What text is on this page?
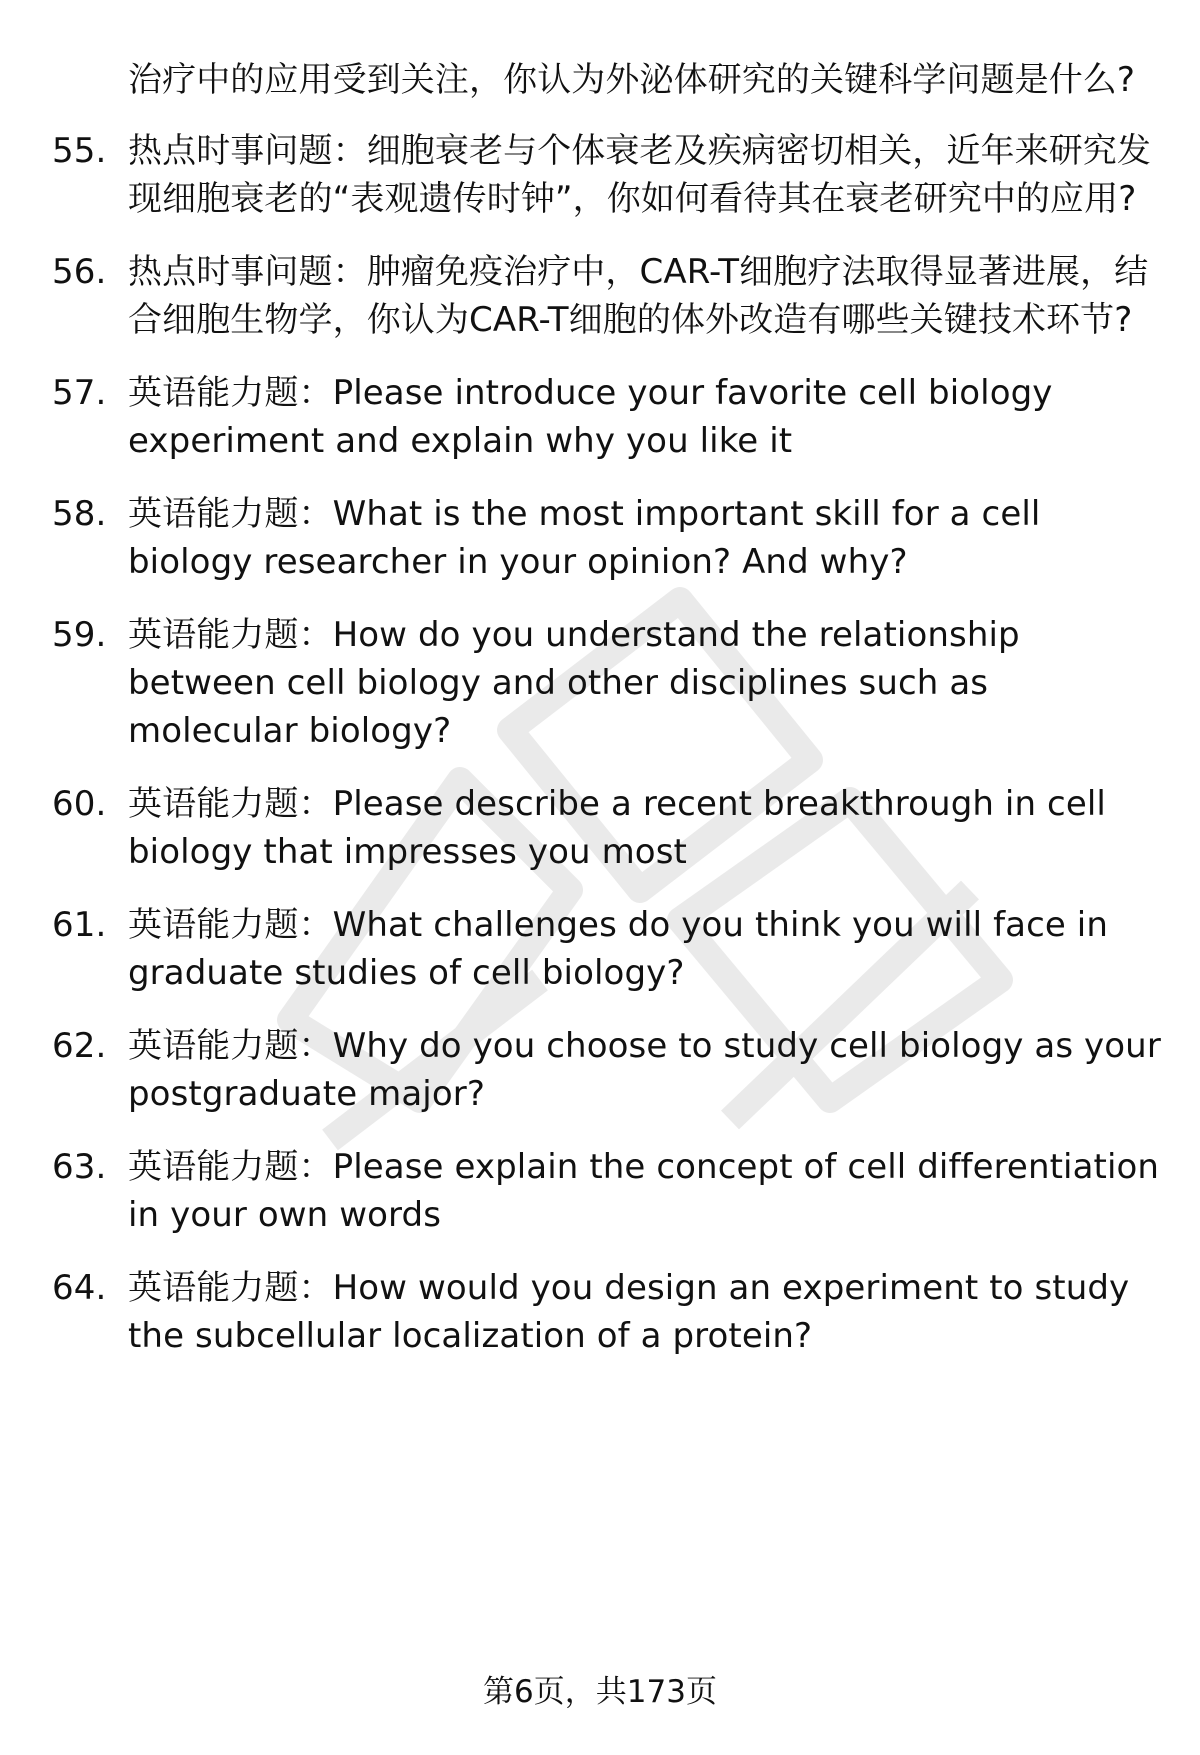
治疗中的应用受到关注，你认为外泌体研究的关键科学问题是什么?
55. 热点时事问题：细胞衰老与个体衰老及疾病密切相关，近年来研究发现细胞衰老的“表观遗传时钟”，你如何看待其在衰老研究中的应用?
56. 热点时事问题：肿瘤免疫治疗中，CAR-T细胞疗法取得显著进展，结合细胞生物学，你认为CAR-T细胞的体外改造有哪些关键技术环节?
57. 英语能力题：Please introduce your favorite cell biology experiment and explain why you like it
58. 英语能力题：What is the most important skill for a cell biology researcher in your opinion? And why?
59. 英语能力题：How do you understand the relationship between cell biology and other disciplines such as molecular biology?
60. 英语能力题：Please describe a recent breakthrough in cell biology that impresses you most
61. 英语能力题：What challenges do you think you will face in graduate studies of cell biology?
62. 英语能力题：Why do you choose to study cell biology as your postgraduate major?
63. 英语能力题：Please explain the concept of cell differentiation in your own words
64. 英语能力题：How would you design an experiment to study the subcellular localization of a protein?
第6页，共173页
